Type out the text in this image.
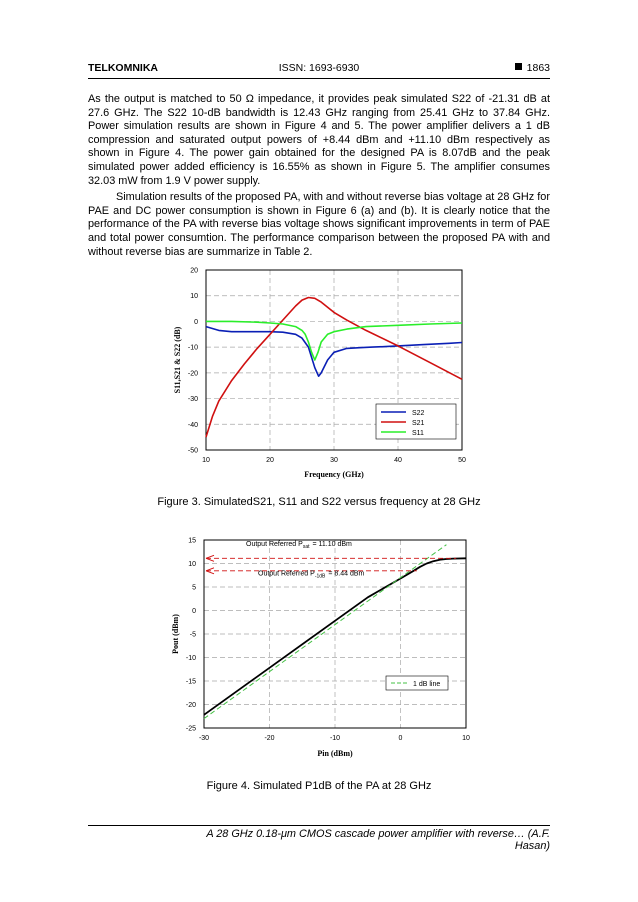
TELKOMNIKA	ISSN: 1693-6930	1863

As the output is matched to 50 Ω impedance, it provides peak simulated S22 of -21.31 dB at 27.6 GHz. The S22 10-dB bandwidth is 12.43 GHz ranging from 25.41 GHz to 37.84 GHz. Power simulation results are shown in Figure 4 and 5. The power amplifier delivers a 1 dB compression and saturated output powers of +8.44 dBm and +11.10 dBm respectively as shown in Figure 4. The power gain obtained for the designed PA is 8.07dB and the peak simulated power added efficiency is 16.55% as shown in Figure 5. The amplifier consumes 32.03 mW from 1.9 V power supply.

Simulation results of the proposed PA, with and without reverse bias voltage at 28 GHz for PAE and DC power consumption is shown in Figure 6 (a) and (b). It is clearly notice that the performance of the PA with reverse bias voltage shows significant improvements in term of PAE and total power consumtion. The performance comparison between the proposed PA with and without reverse bias are summarize in Table 2.

10	20	30	40	50
20
10
0
-10
-20
-30
-40
-50
S11,S21 & S22 (dB)
Frequency (GHz)
S22
S21
S11
Figure 3. SimulatedS21, S11 and S22 versus frequency at 28 GHz
-30	-20	-10	0	10
15
10
5
0
-5
-10
-15
-20
-25
Output Referred $P_{sat} = 11.10$ dBm
Output Referred $P_{-1dB} = 8.44$ dBm
Pout (dBm)
Pin (dBm)
1 dB line
Figure 4. Simulated P1dB of the PA at 28 GHz
A 28 GHz 0.18-μm CMOS cascade power amplifier with reverse… (A.F. Hasan)
